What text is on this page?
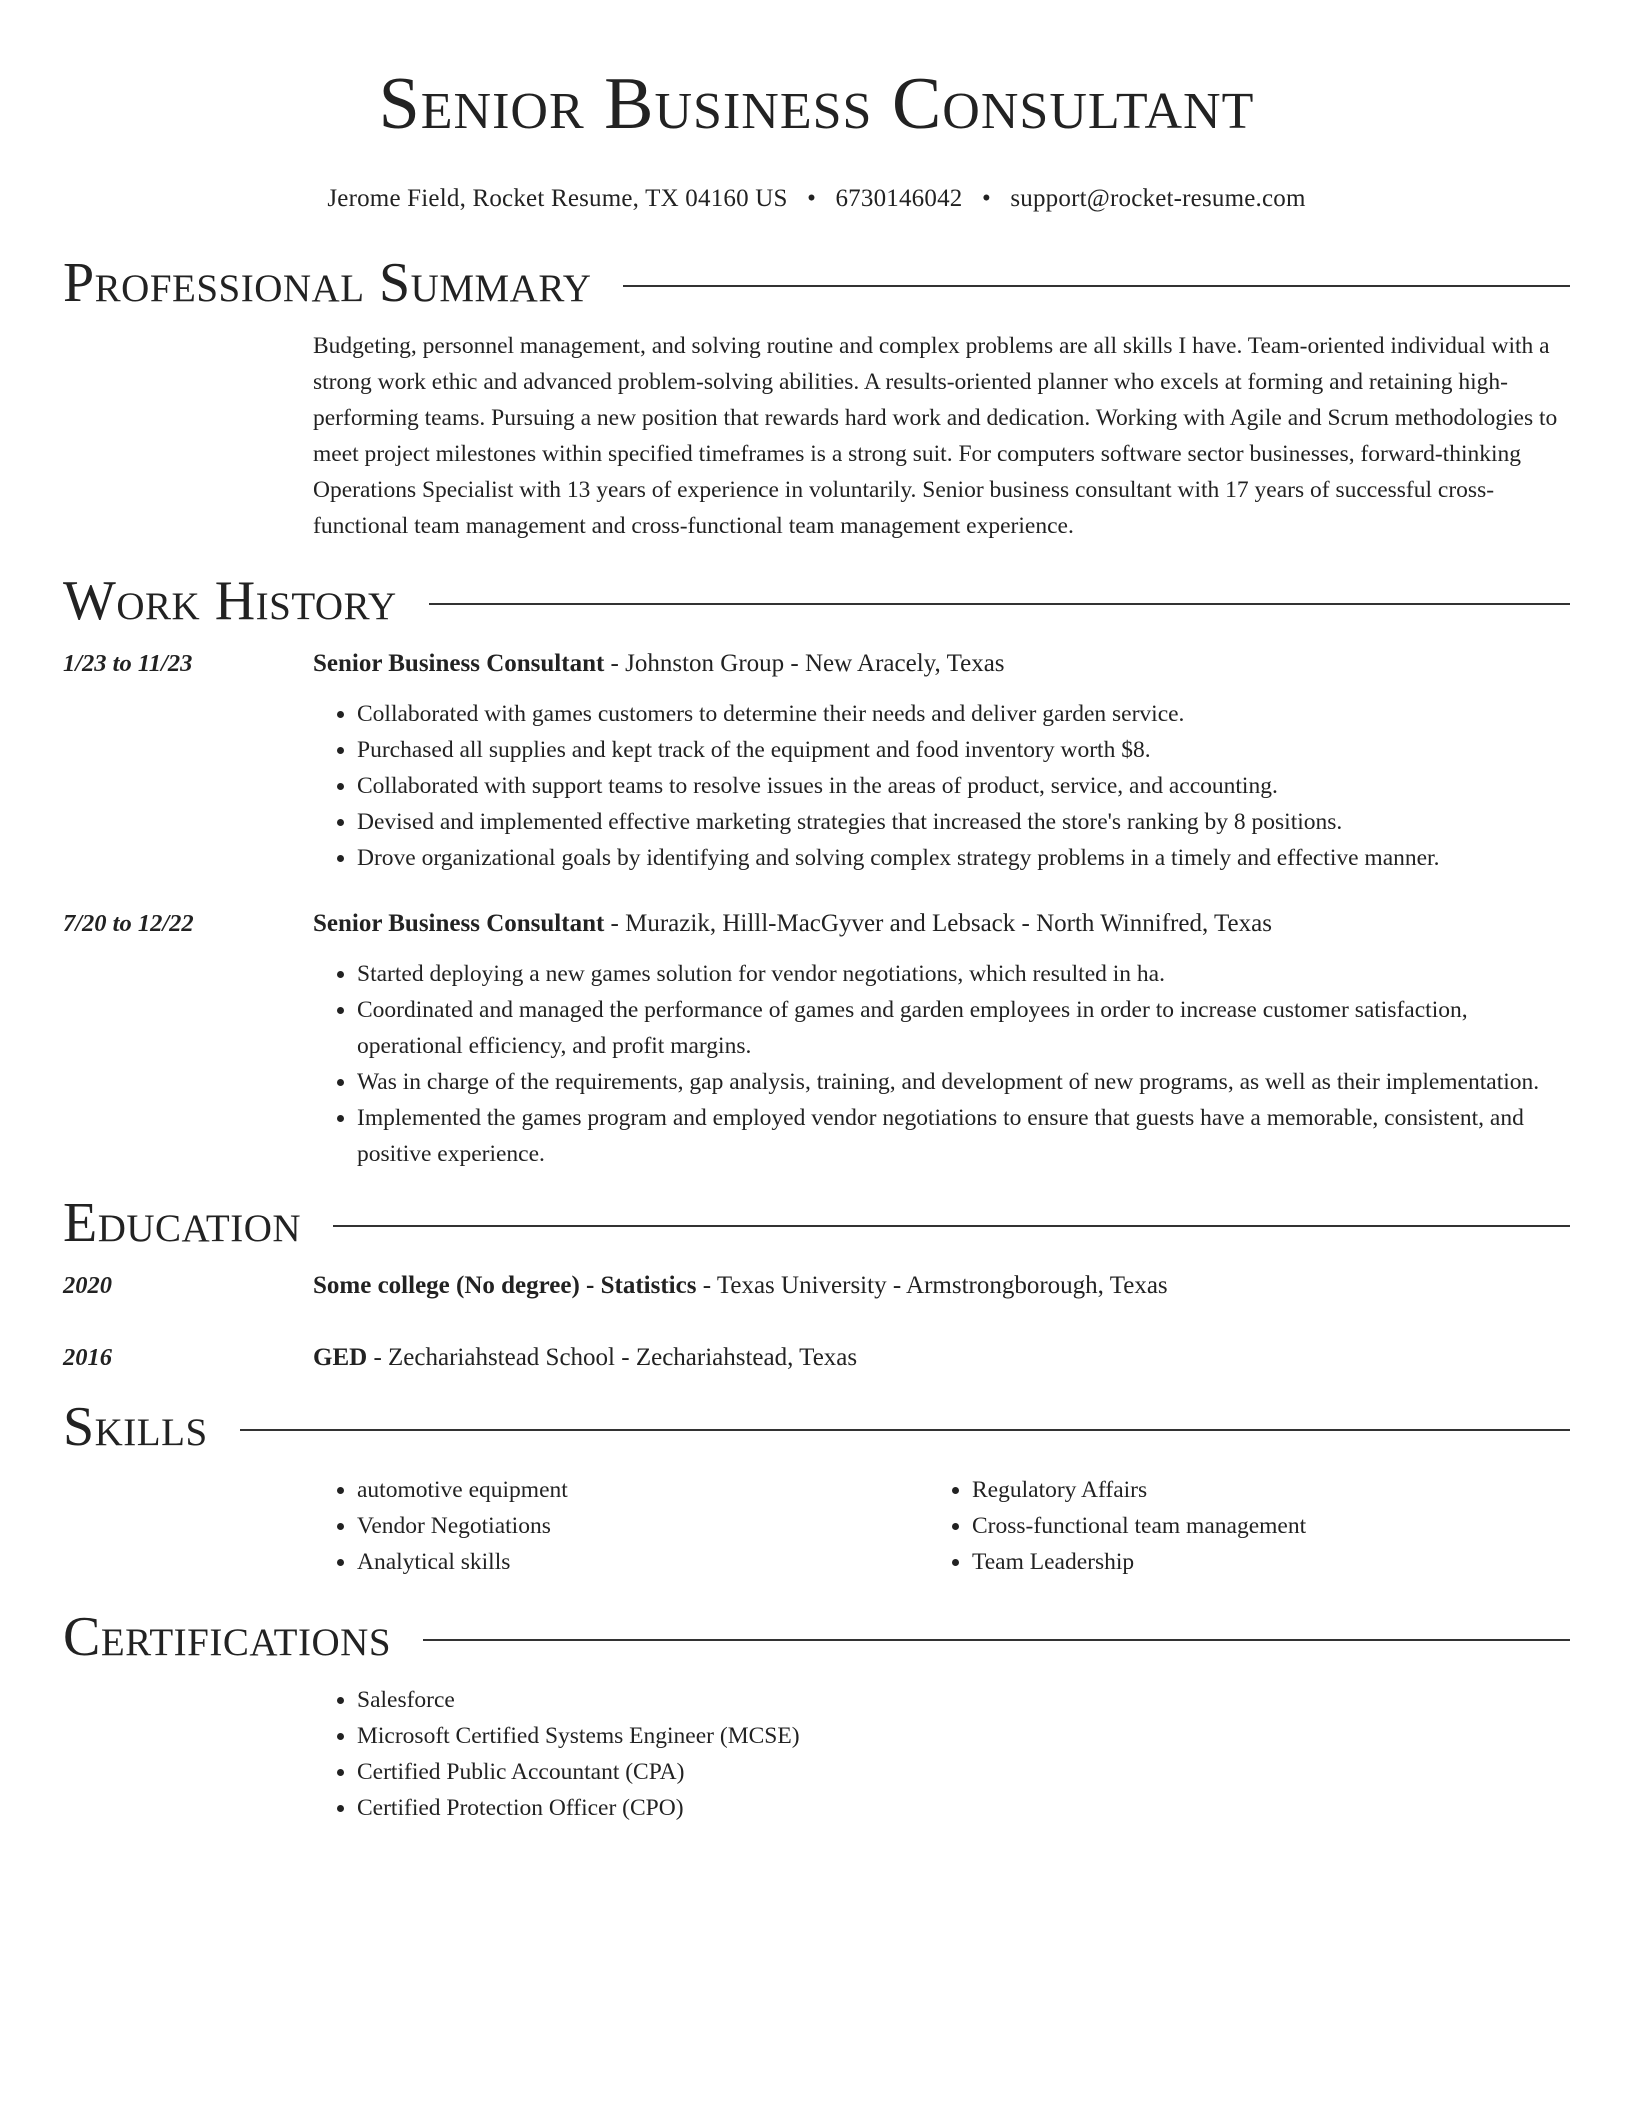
Senior Business Consultant
Jerome Field, Rocket Resume, TX 04160 US • 6730146042 • support@rocket-resume.com
Professional Summary
Budgeting, personnel management, and solving routine and complex problems are all skills I have. Team-oriented individual with a strong work ethic and advanced problem-solving abilities. A results-oriented planner who excels at forming and retaining high-performing teams. Pursuing a new position that rewards hard work and dedication. Working with Agile and Scrum methodologies to meet project milestones within specified timeframes is a strong suit. For computers software sector businesses, forward-thinking Operations Specialist with 13 years of experience in voluntarily. Senior business consultant with 17 years of successful cross-functional team management and cross-functional team management experience.
Work History
1/23 to 11/23	Senior Business Consultant - Johnston Group - New Aracely, Texas
• Collaborated with games customers to determine their needs and deliver garden service.
• Purchased all supplies and kept track of the equipment and food inventory worth $8.
• Collaborated with support teams to resolve issues in the areas of product, service, and accounting.
• Devised and implemented effective marketing strategies that increased the store's ranking by 8 positions.
• Drove organizational goals by identifying and solving complex strategy problems in a timely and effective manner.
7/20 to 12/22	Senior Business Consultant - Murazik, Hilll-MacGyver and Lebsack - North Winnifred, Texas
• Started deploying a new games solution for vendor negotiations, which resulted in ha.
• Coordinated and managed the performance of games and garden employees in order to increase customer satisfaction, operational efficiency, and profit margins.
• Was in charge of the requirements, gap analysis, training, and development of new programs, as well as their implementation.
• Implemented the games program and employed vendor negotiations to ensure that guests have a memorable, consistent, and positive experience.
Education
2020	Some college (No degree) - Statistics - Texas University - Armstrongborough, Texas
2016	GED - Zechariahstead School - Zechariahstead, Texas
Skills
• automotive equipment
• Vendor Negotiations
• Analytical skills
• Regulatory Affairs
• Cross-functional team management
• Team Leadership
Certifications
• Salesforce
• Microsoft Certified Systems Engineer (MCSE)
• Certified Public Accountant (CPA)
• Certified Protection Officer (CPO)
